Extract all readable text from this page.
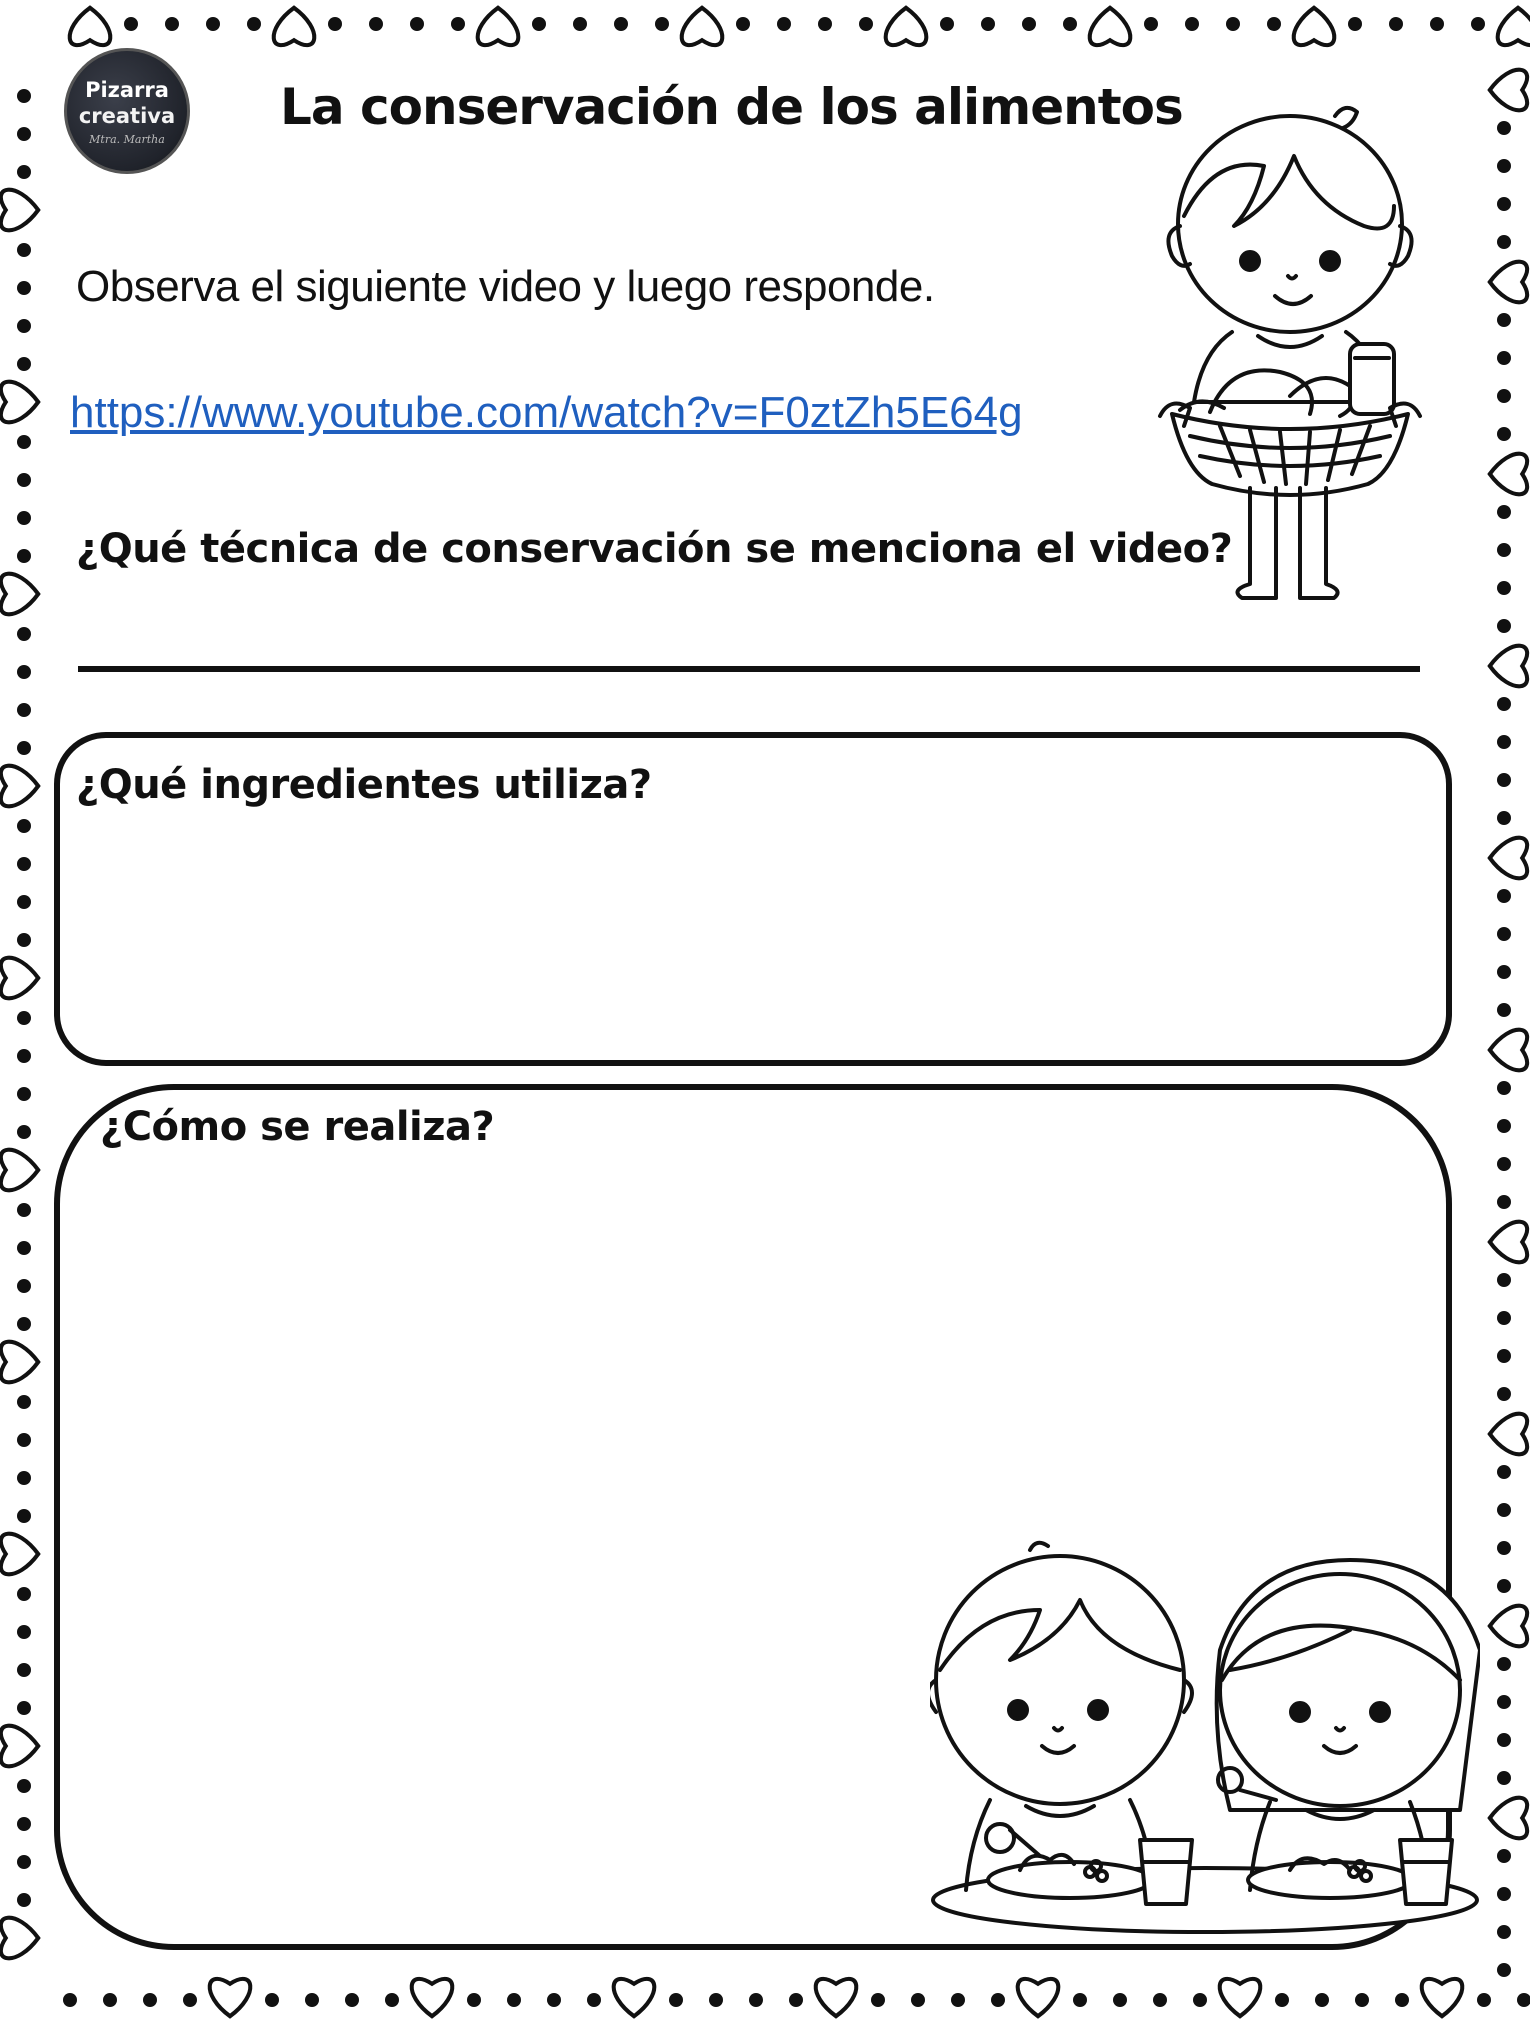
Pizarra
creativa
Mtra. Martha
La conservación de los alimentos
Observa el siguiente video y luego responde.
https://www.youtube.com/watch?v=F0ztZh5E64g
¿Qué técnica de conservación se menciona el video?
¿Qué ingredientes utiliza?
¿Cómo se realiza?
